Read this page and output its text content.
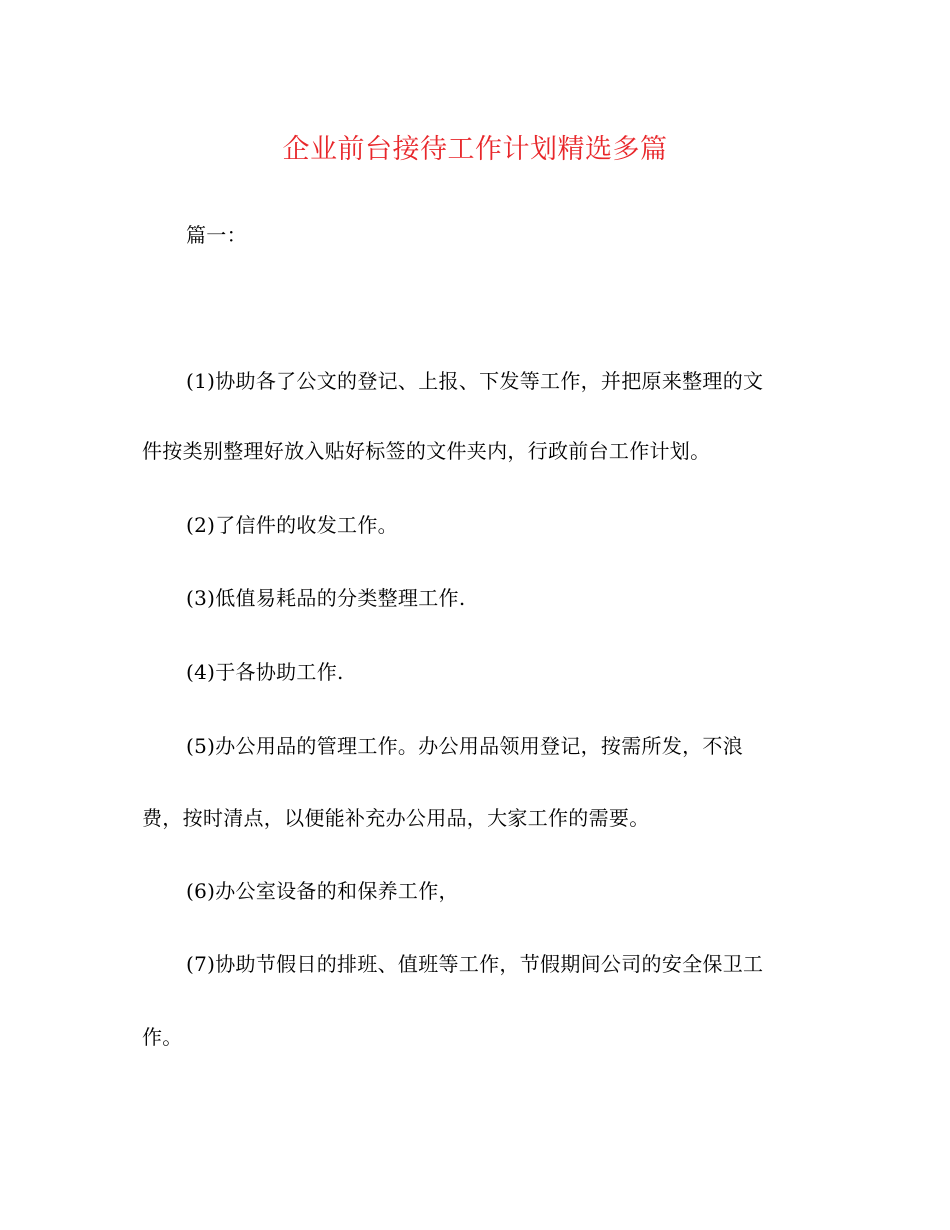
企业前台接待工作计划精选多篇
篇一：
(1)协助各了公文的登记、上报、下发等工作，并把原来整理的文
件按类别整理好放入贴好标签的文件夹内，行政前台工作计划。
(2)了信件的收发工作。
(3)低值易耗品的分类整理工作.
(4)于各协助工作.
(5)办公用品的管理工作。办公用品领用登记，按需所发，不浪
费，按时清点，以便能补充办公用品，大家工作的需要。
(6)办公室设备的和保养工作，
(7)协助节假日的排班、值班等工作，节假期间公司的安全保卫工
作。
